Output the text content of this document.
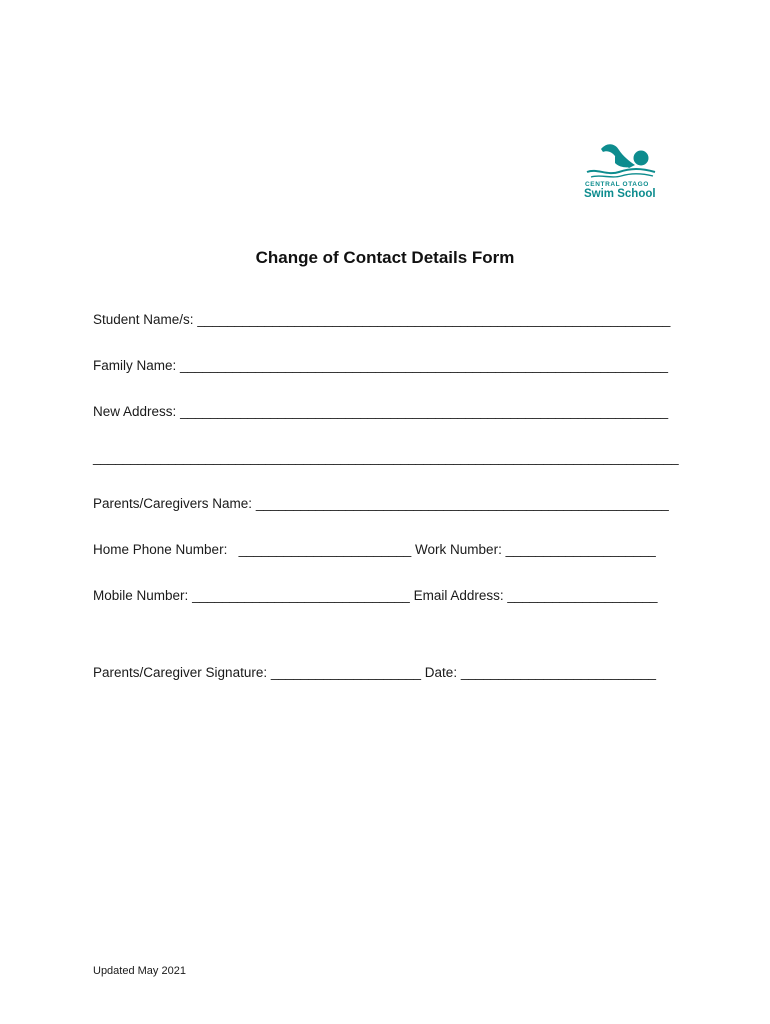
CENTRAL OTAGO
Swim School
Change of Contact Details Form
Student Name/s: _______________________________________________________________
Family Name: _________________________________________________________________
New Address: _________________________________________________________________
______________________________________________________________________________
Parents/Caregivers Name: _______________________________________________________
Home Phone Number: _______________________ Work Number: ____________________
Mobile Number: _____________________________ Email Address: ____________________
Parents/Caregiver Signature: ____________________ Date: __________________________
Updated May 2021
